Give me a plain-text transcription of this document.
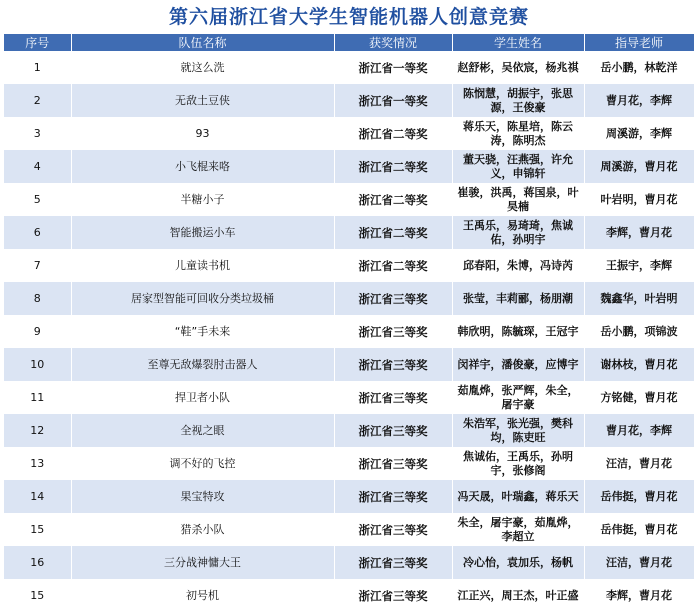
第六届浙江省大学生智能机器人创意竞赛
序号	队伍名称	获奖情况	学生姓名	指导老师
1	就这么洗	浙江省一等奖	赵舒彬，吴依宸，杨兆祺	岳小鹏，林乾洋
2	无敌土豆侠	浙江省一等奖	陈悯慧，胡振宇，张思源，王俊豪	曹月花，李辉
3	93	浙江省二等奖	蒋乐天，陈星培，陈云涛，陈明杰	周溪游，李辉
4	小飞棍来咯	浙江省二等奖	董天骁，汪燕强，许允义，申锦轩	周溪游，曹月花
5	半糖小子	浙江省二等奖	崔骏，洪禹，蒋国泉，叶昊楠	叶岩明，曹月花
6	智能搬运小车	浙江省二等奖	王禹乐，易琦琦，焦诚佑，孙明宇	李辉，曹月花
7	儿童读书机	浙江省二等奖	邱春阳，朱博，冯诗芮	王振宇，李辉
8	居家型智能可回收分类垃圾桶	浙江省三等奖	张莹，丰莉郦，杨朋潮	魏鑫华，叶岩明
9	“鞋”手未来	浙江省三等奖	韩欣明，陈毓琛，王冠宇	岳小鹏，项锦波
10	至尊无敌爆裂肘击器人	浙江省三等奖	闵祥宇，潘俊豪，应博宇	谢林枝，曹月花
11	捍卫者小队	浙江省三等奖	茹胤烨，张严辉，朱全，屠宇豪	方铭健，曹月花
12	全视之眼	浙江省三等奖	朱浩军，张光强，樊科均，陈吏旺	曹月花，李辉
13	调不好的飞控	浙江省三等奖	焦诚佑，王禹乐，孙明宇，张修阁	汪洁，曹月花
14	果宝特攻	浙江省三等奖	冯天晟，叶瑞鑫，蒋乐天	岳伟挺，曹月花
15	猎杀小队	浙江省三等奖	朱全，屠宇豪，茹胤烨，李超立	岳伟挺，曹月花
16	三分战神慵大王	浙江省三等奖	冷心怡，袁加乐，杨帆	汪洁，曹月花
15	初号机	浙江省三等奖	江正兴，周王杰，叶正盛	李辉，曹月花
